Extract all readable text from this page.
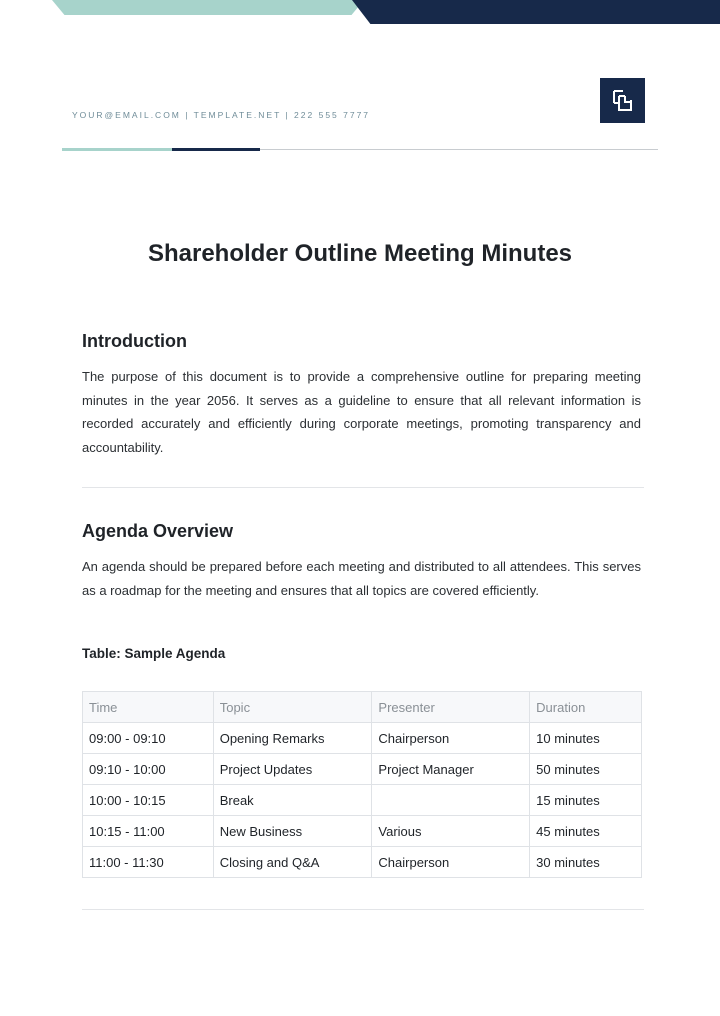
YOUR@EMAIL.COM | TEMPLATE.NET | 222 555 7777
Shareholder Outline Meeting Minutes
Introduction
The purpose of this document is to provide a comprehensive outline for preparing meeting minutes in the year 2056. It serves as a guideline to ensure that all relevant information is recorded accurately and efficiently during corporate meetings, promoting transparency and accountability.
Agenda Overview
An agenda should be prepared before each meeting and distributed to all attendees. This serves as a roadmap for the meeting and ensures that all topics are covered efficiently.
Table: Sample Agenda
Time	Topic	Presenter	Duration
09:00 - 09:10	Opening Remarks	Chairperson	10 minutes
09:10 - 10:00	Project Updates	Project Manager	50 minutes
10:00 - 10:15	Break		15 minutes
10:15 - 11:00	New Business	Various	45 minutes
11:00 - 11:30	Closing and Q&A	Chairperson	30 minutes
